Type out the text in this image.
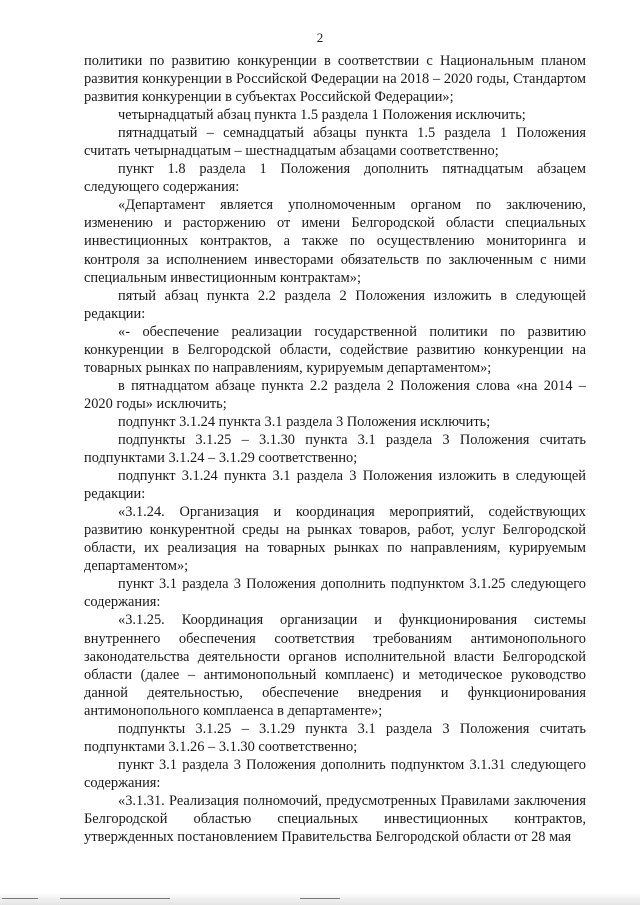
2

политики по развитию конкуренции в соответствии с Национальным планом развития конкуренции в Российской Федерации на 2018 – 2020 годы, Стандартом развития конкуренции в субъектах Российской Федерации»;

четырнадцатый абзац пункта 1.5 раздела 1 Положения исключить;

пятнадцатый – семнадцатый абзацы пункта 1.5 раздела 1 Положения считать четырнадцатым – шестнадцатым абзацами соответственно;

пункт 1.8 раздела 1 Положения дополнить пятнадцатым абзацем следующего содержания:

«Департамент является уполномоченным органом по заключению, изменению и расторжению от имени Белгородской области специальных инвестиционных контрактов, а также по осуществлению мониторинга и контроля за исполнением инвесторами обязательств по заключенным с ними специальным инвестиционным контрактам»;

пятый абзац пункта 2.2 раздела 2 Положения изложить в следующей редакции:

«- обеспечение реализации государственной политики по развитию конкуренции в Белгородской области, содействие развитию конкуренции на товарных рынках по направлениям, курируемым департаментом»;

в пятнадцатом абзаце пункта 2.2 раздела 2 Положения слова «на 2014 – 2020 годы» исключить;

подпункт 3.1.24 пункта 3.1 раздела 3 Положения исключить;

подпункты 3.1.25 – 3.1.30 пункта 3.1 раздела 3 Положения считать подпунктами 3.1.24 – 3.1.29 соответственно;

подпункт 3.1.24 пункта 3.1 раздела 3 Положения изложить в следующей редакции:

«3.1.24. Организация и координация мероприятий, содействующих развитию конкурентной среды на рынках товаров, работ, услуг Белгородской области, их реализация на товарных рынках по направлениям, курируемым департаментом»;

пункт 3.1 раздела 3 Положения дополнить подпунктом 3.1.25 следующего содержания:

«3.1.25. Координация организации и функционирования системы внутреннего обеспечения соответствия требованиям антимонопольного законодательства деятельности органов исполнительной власти Белгородской области (далее – антимонопольный комплаенс) и методическое руководство данной деятельностью, обеспечение внедрения и функционирования антимонопольного комплаенса в департаменте»;

подпункты 3.1.25 – 3.1.29 пункта 3.1 раздела 3 Положения считать подпунктами 3.1.26 – 3.1.30 соответственно;

пункт 3.1 раздела 3 Положения дополнить подпунктом 3.1.31 следующего содержания:

«3.1.31. Реализация полномочий, предусмотренных Правилами заключения Белгородской областью специальных инвестиционных контрактов, утвержденных постановлением Правительства Белгородской области от 28 мая
